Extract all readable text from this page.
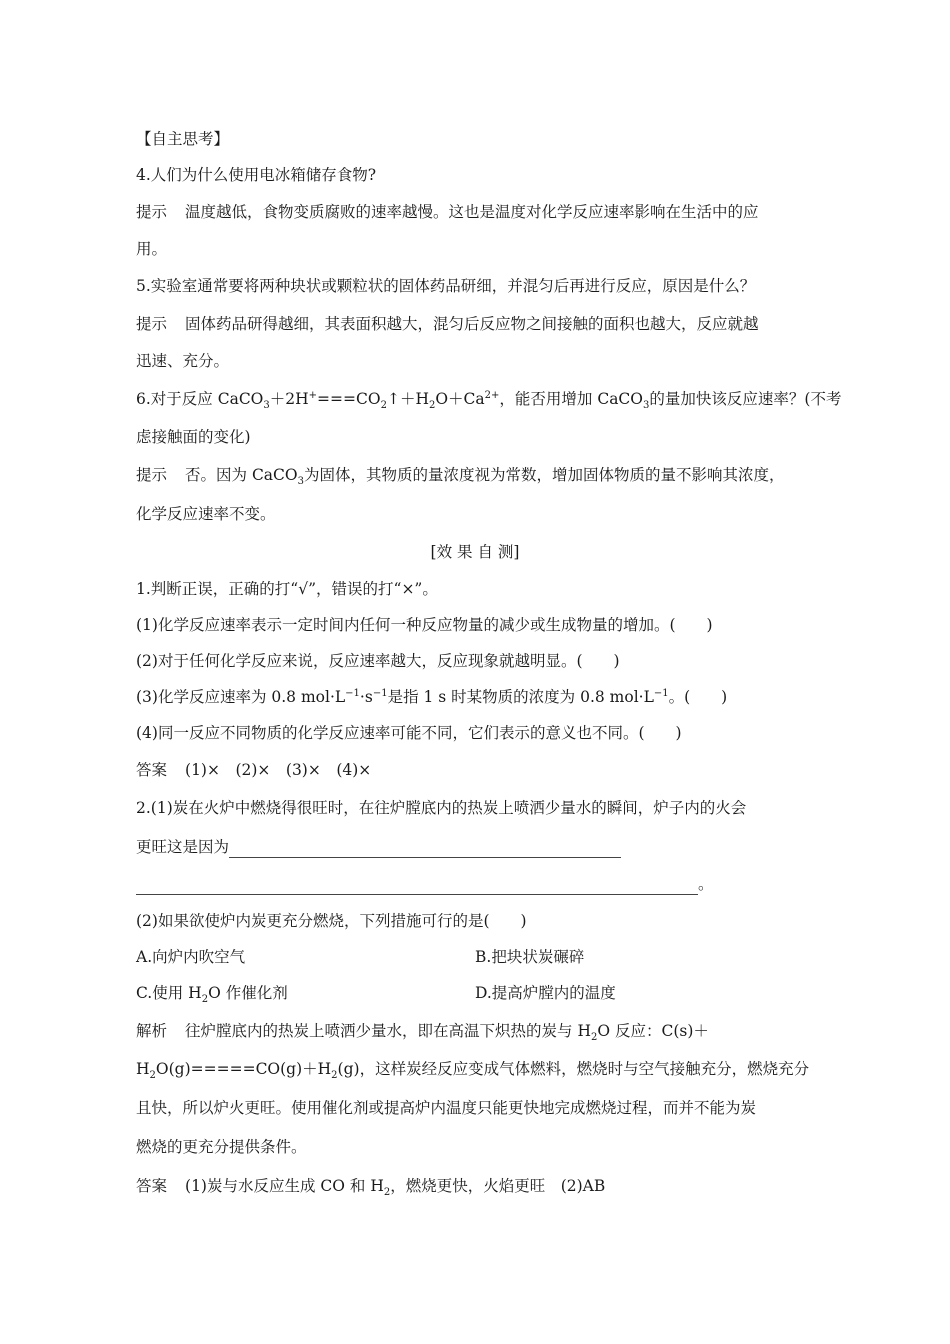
【自主思考】
4.人们为什么使用电冰箱储存食物?
提示 温度越低，食物变质腐败的速率越慢。这也是温度对化学反应速率影响在生活中的应
用。
5.实验室通常要将两种块状或颗粒状的固体药品研细，并混匀后再进行反应，原因是什么？
提示 固体药品研得越细，其表面积越大，混匀后反应物之间接触的面积也越大，反应就越
迅速、充分。
6.对于反应 $CaCO_3+2H^+===CO_2↑+H_2O+Ca^{2+}$，能否用增加 CaCO$_3$的量加快该反应速率？(不考
虑接触面的变化)
提示 否。因为 CaCO$_3$为固体，其物质的量浓度视为常数，增加固体物质的量不影响其浓度，
化学反应速率不变。
[效 果 自 测]
1.判断正误，正确的打“√”，错误的打“×”。
(1)化学反应速率表示一定时间内任何一种反应物量的减少或生成物量的增加。(　　)
(2)对于任何化学反应来说，反应速率越大，反应现象就越明显。(　　)
(3)化学反应速率为 0.8 $mol\cdot L^{-1}\cdot s^{-1}$是指 1 s 时某物质的浓度为 0.8 $mol\cdot L^{-1}$。(　　)
(4)同一反应不同物质的化学反应速率可能不同，它们表示的意义也不同。(　　)
答案 (1)×　(2)×　(3)×　(4)×
2.(1)炭在火炉中燃烧得很旺时，在往炉膛底内的热炭上喷洒少量水的瞬间，炉子内的火会
更旺这是因为
。
(2)如果欲使炉内炭更充分燃烧，下列措施可行的是(　　)
A.向炉内吹空气	B.把块状炭碾碎
C.使用 $H_2O$ 作催化剂	D.提高炉膛内的温度
解析 往炉膛底内的热炭上喷洒少量水，即在高温下炽热的炭与 $H_2O$ 反应：C(s)＋
$H_2O(g)=====CO(g)+H_2(g)$，这样炭经反应变成气体燃料，燃烧时与空气接触充分，燃烧充分
且快，所以炉火更旺。使用催化剂或提高炉内温度只能更快地完成燃烧过程，而并不能为炭
燃烧的更充分提供条件。
答案 (1)炭与水反应生成 CO 和 $H_2$，燃烧更快，火焰更旺　(2)AB
